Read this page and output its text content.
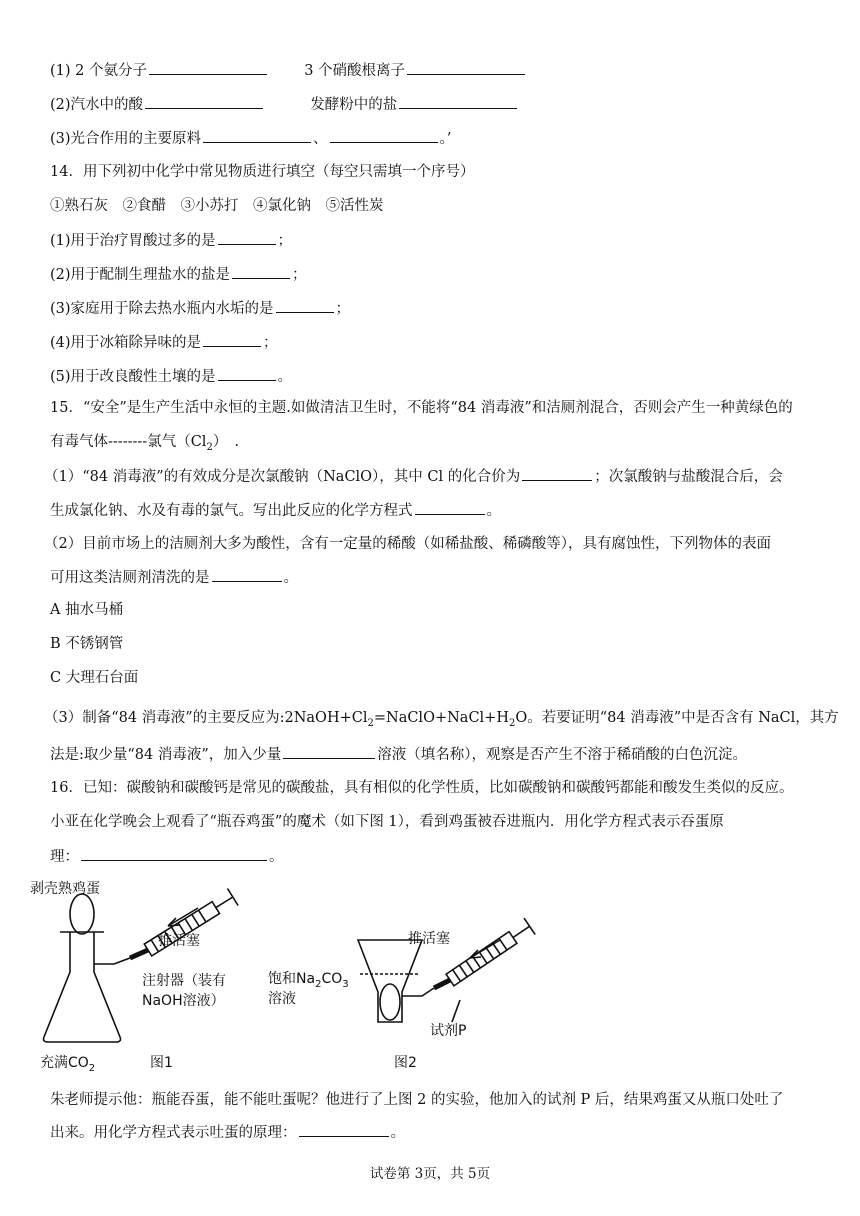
(1) 2 个氨分子	3 个硝酸根离子
(2)汽水中的酸	发酵粉中的盐
(3)光合作用的主要原料	、	。’
14．用下列初中化学中常见物质进行填空（每空只需填一个序号）
①熟石灰　②食醋　③小苏打　④氯化钠　⑤活性炭
(1)用于治疗胃酸过多的是	；
(2)用于配制生理盐水的盐是	；
(3)家庭用于除去热水瓶内水垢的是	；
(4)用于冰箱除异味的是	；
(5)用于改良酸性土壤的是	。
15．“安全”是生产生活中永恒的主题.如做清洁卫生时，不能将“84 消毒液”和洁厕剂混合，否则会产生一种黄绿色的
有毒气体--------氯气$(Cl_2)$　.
（1）“84 消毒液”的有效成分是次氯酸钠（NaClO），其中 Cl 的化合价为	；次氯酸钠与盐酸混合后，会
生成氯化钠、水及有毒的氯气。写出此反应的化学方程式	。
（2）目前市场上的洁厕剂大多为酸性，含有一定量的稀酸（如稀盐酸、稀磷酸等），具有腐蚀性，下列物体的表面
可用这类洁厕剂清洗的是	。
A 抽水马桶
B 不锈钢管
C 大理石台面
（3）制备“84 消毒液”的主要反应为$:2NaOH+Cl_2=NaClO+NaCl+H_2O$。若要证明“84 消毒液”中是否含有 NaCl，其方
法是:取少量“84 消毒液”，加入少量	溶液（填名称），观察是否产生不溶于稀硝酸的白色沉淀。
16．已知：碳酸钠和碳酸钙是常见的碳酸盐，具有相似的化学性质，比如碳酸钠和碳酸钙都能和酸发生类似的反应。
小亚在化学晚会上观看了“瓶吞鸡蛋”的魔术（如下图 1），看到鸡蛋被吞进瓶内．用化学方程式表示吞蛋原
理：	。
剥壳熟鸡蛋
推活塞
注射器（装有
NaOH溶液）
充满$CO_2$	图1
推活塞
饱和$Na_2CO_3$
溶液
试剂P
图2
朱老师提示他：瓶能吞蛋，能不能吐蛋呢？他进行了上图 2 的实验，他加入的试剂 P 后，结果鸡蛋又从瓶口处吐了
出来。用化学方程式表示吐蛋的原理：	。
试卷第 3页，共 5页
